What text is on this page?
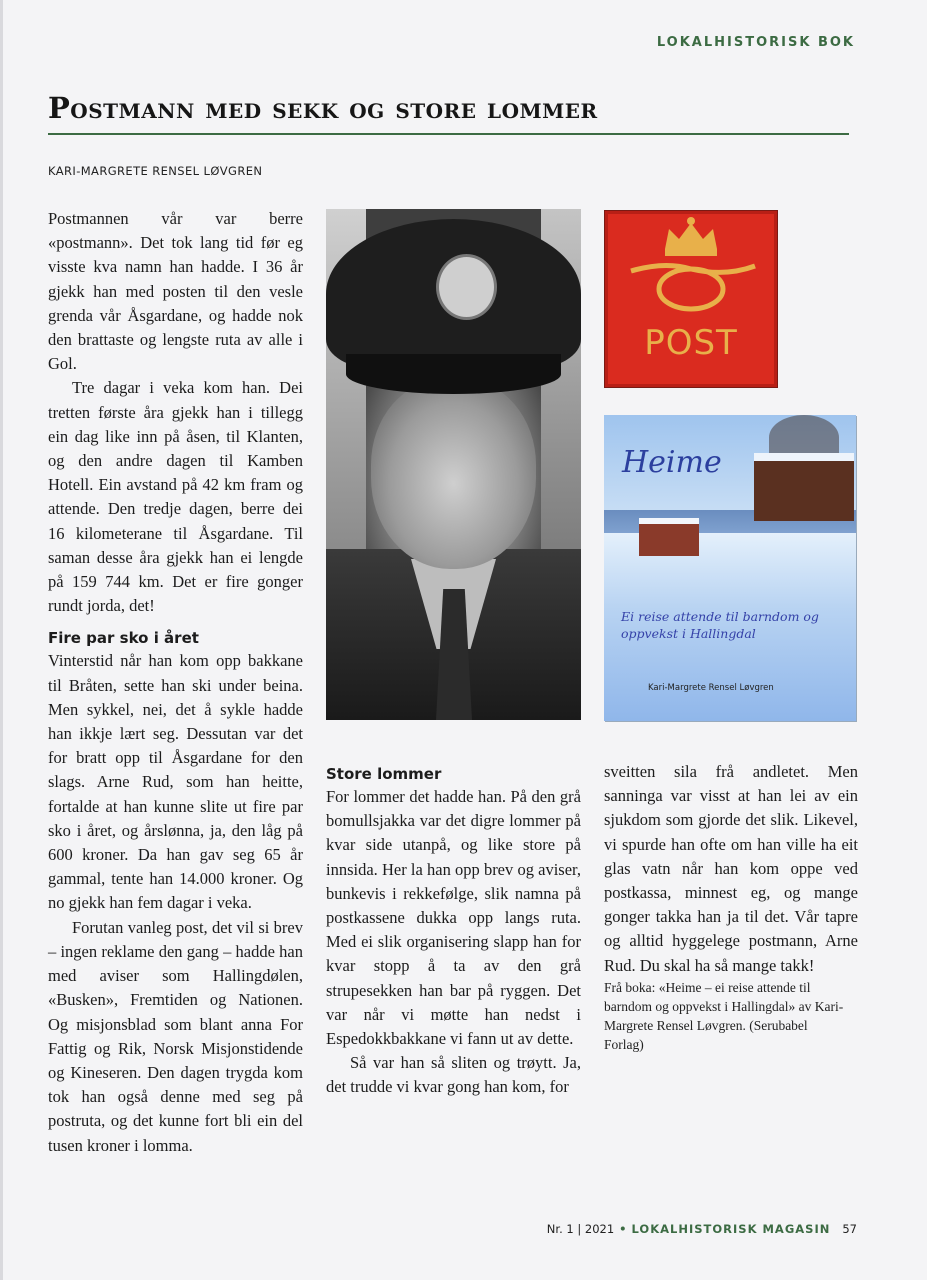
LOKALHISTORISK BOK
Postmann med sekk og store lommer
KARI-MARGRETE RENSEL LØVGREN

Postmannen vår var berre «postmann». Det tok lang tid før eg visste kva namn han hadde. I 36 år gjekk han med posten til den vesle grenda vår Åsgardane, og hadde nok den brattaste og lengste ruta av alle i Gol.

Tre dagar i veka kom han. Dei tretten første åra gjekk han i tillegg ein dag like inn på åsen, til Klanten, og den andre dagen til Kamben Hotell. Ein avstand på 42 km fram og attende. Den tredje dagen, berre dei 16 kilometerane til Åsgardane. Til saman desse åra gjekk han ei lengde på 159 744 km. Det er fire gonger rundt jorda, det!

Fire par sko i året

Vinterstid når han kom opp bakkane til Bråten, sette han ski under beina. Men sykkel, nei, det å sykle hadde han ikkje lært seg. Dessutan var det for bratt opp til Åsgardane for den slags. Arne Rud, som han heitte, fortalde at han kunne slite ut fire par sko i året, og årslønna, ja, den låg på 600 kroner. Da han gav seg 65 år gammal, tente han 14.000 kroner. Og no gjekk han fem dagar i veka.

Forutan vanleg post, det vil si brev – ingen reklame den gang – hadde han med aviser som Hallingdølen, «Busken», Fremtiden og Nationen. Og misjonsblad som blant anna For Fattig og Rik, Norsk Misjonstidende og Kineseren. Den dagen trygda kom tok han også denne med seg på postruta, og det kunne fort bli ein del tusen kroner i lomma.

POST
Heime
Ei reise attende til barndom og oppvekst i Hallingdal
Kari-Margrete Rensel Løvgren
Store lommer

For lommer det hadde han. På den grå bomullsjakka var det digre lommer på kvar side utanpå, og like store på innsida. Her la han opp brev og aviser, bunkevis i rekkefølge, slik namna på postkassene dukka opp langs ruta. Med ei slik organisering slapp han for kvar stopp å ta av den grå strupesekken han bar på ryggen. Det var når vi møtte han nedst i Espedokkbakkane vi fann ut av dette.

Så var han så sliten og trøytt. Ja, det trudde vi kvar gong han kom, for

sveitten sila frå andletet. Men sanninga var visst at han lei av ein sjukdom som gjorde det slik. Likevel, vi spurde han ofte om han ville ha eit glas vatn når han kom oppe ved postkassa, minnest eg, og mange gonger takka han ja til det. Vår tapre og alltid hyggelege postmann, Arne Rud. Du skal ha så mange takk!

Frå boka: «Heime – ei reise attende til barndom og oppvekst i Hallingdal» av Kari-Margrete Rensel Løvgren. (Serubabel Forlag)
Nr. 1 | 2021 • LOKALHISTORISK MAGASIN 57
